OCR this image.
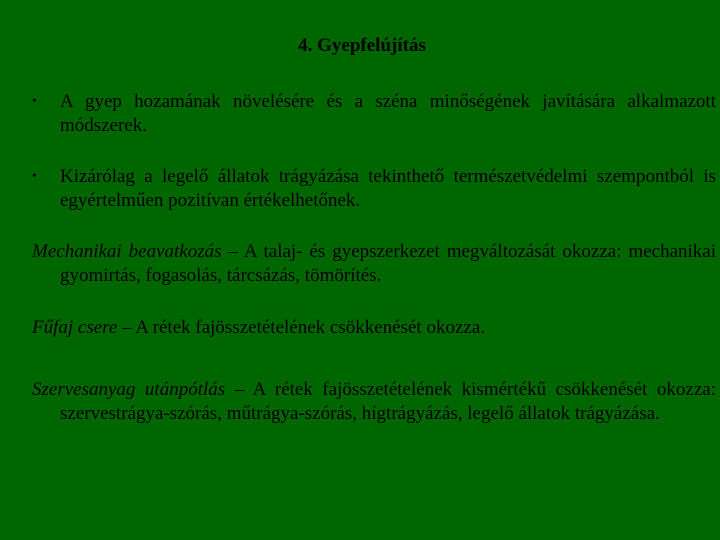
4. Gyepfelújítás
• A gyep hozamának növelésére és a széna minőségének javítására alkalmazott módszerek.
• Kizárólag a legelő állatok trágyázása tekinthető természetvédelmi szempontból is egyértelműen pozitívan értékelhetőnek.
Mechanikai beavatkozás – A talaj- és gyepszerkezet megváltozását okozza: mechanikai gyomirtás, fogasolás, tárcsázás, tömörítés.
Fűfaj csere – A rétek fajösszetételének csökkenését okozza.
Szervesanyag utánpótlás – A rétek fajösszetételének kismértékű csökkenését okozza: szervestrágya-szórás, műtrágya-szórás, hígtrágyázás, legelő állatok trágyázása.
